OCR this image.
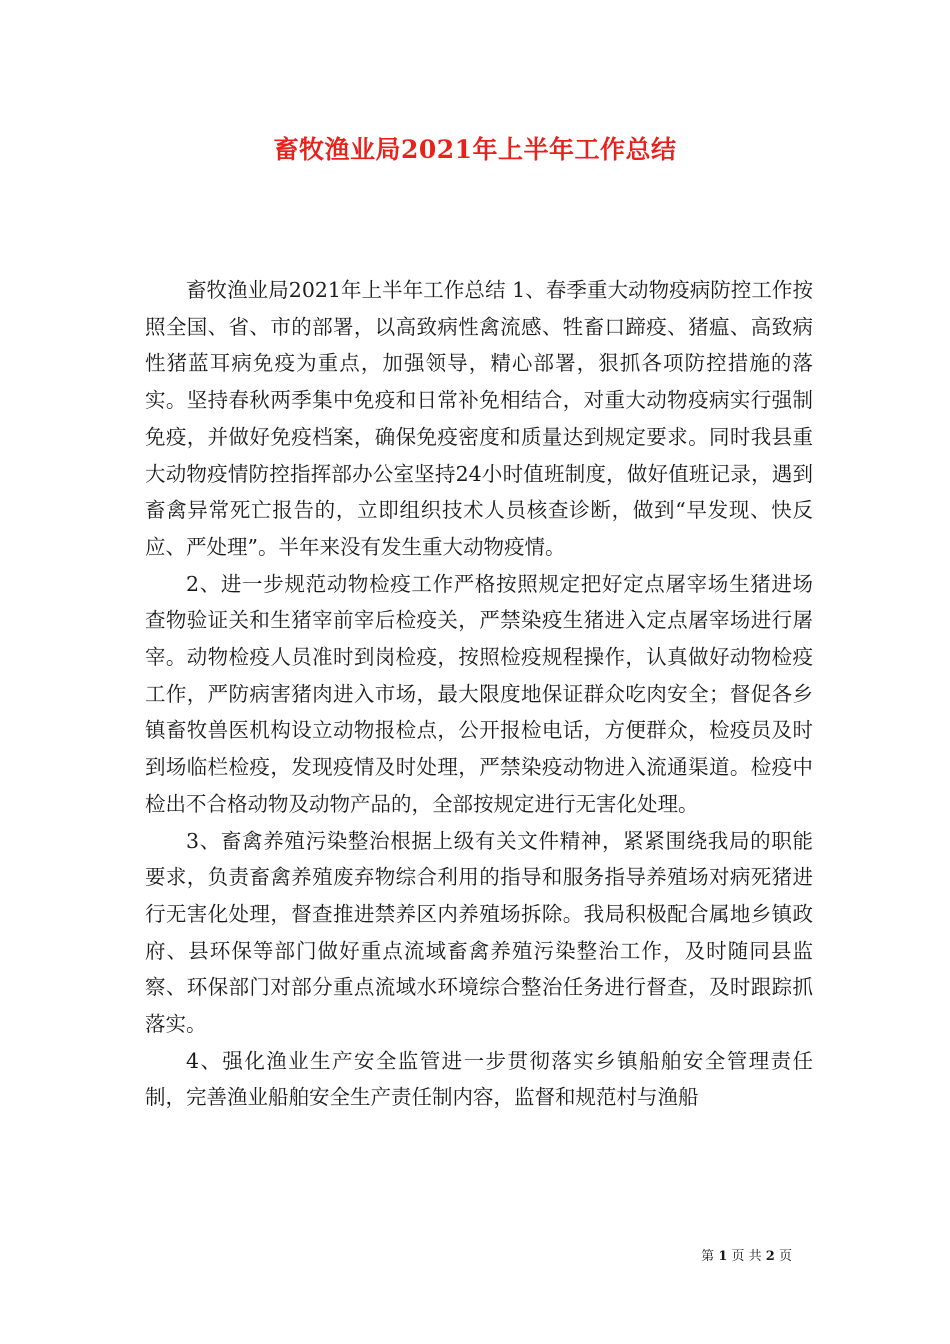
畜牧渔业局2021年上半年工作总结

畜牧渔业局2021年上半年工作总结 1、春季重大动物疫病防控工作按照全国、省、市的部署，以高致病性禽流感、牲畜口蹄疫、猪瘟、高致病性猪蓝耳病免疫为重点，加强领导，精心部署，狠抓各项防控措施的落实。坚持春秋两季集中免疫和日常补免相结合，对重大动物疫病实行强制免疫，并做好免疫档案，确保免疫密度和质量达到规定要求。同时我县重大动物疫情防控指挥部办公室坚持24小时值班制度，做好值班记录，遇到畜禽异常死亡报告的，立即组织技术人员核查诊断，做到“早发现、快反应、严处理”。半年来没有发生重大动物疫情。

2、进一步规范动物检疫工作严格按照规定把好定点屠宰场生猪进场查物验证关和生猪宰前宰后检疫关，严禁染疫生猪进入定点屠宰场进行屠宰。动物检疫人员准时到岗检疫，按照检疫规程操作，认真做好动物检疫工作，严防病害猪肉进入市场，最大限度地保证群众吃肉安全；督促各乡镇畜牧兽医机构设立动物报检点，公开报检电话，方便群众，检疫员及时到场临栏检疫，发现疫情及时处理，严禁染疫动物进入流通渠道。检疫中检出不合格动物及动物产品的，全部按规定进行无害化处理。

3、畜禽养殖污染整治根据上级有关文件精神，紧紧围绕我局的职能要求，负责畜禽养殖废弃物综合利用的指导和服务指导养殖场对病死猪进行无害化处理，督查推进禁养区内养殖场拆除。我局积极配合属地乡镇政府、县环保等部门做好重点流域畜禽养殖污染整治工作，及时随同县监察、环保部门对部分重点流域水环境综合整治任务进行督查，及时跟踪抓落实。

4、强化渔业生产安全监管进一步贯彻落实乡镇船舶安全管理责任制，完善渔业船舶安全生产责任制内容，监督和规范村与渔船

第 1 页 共 2 页
